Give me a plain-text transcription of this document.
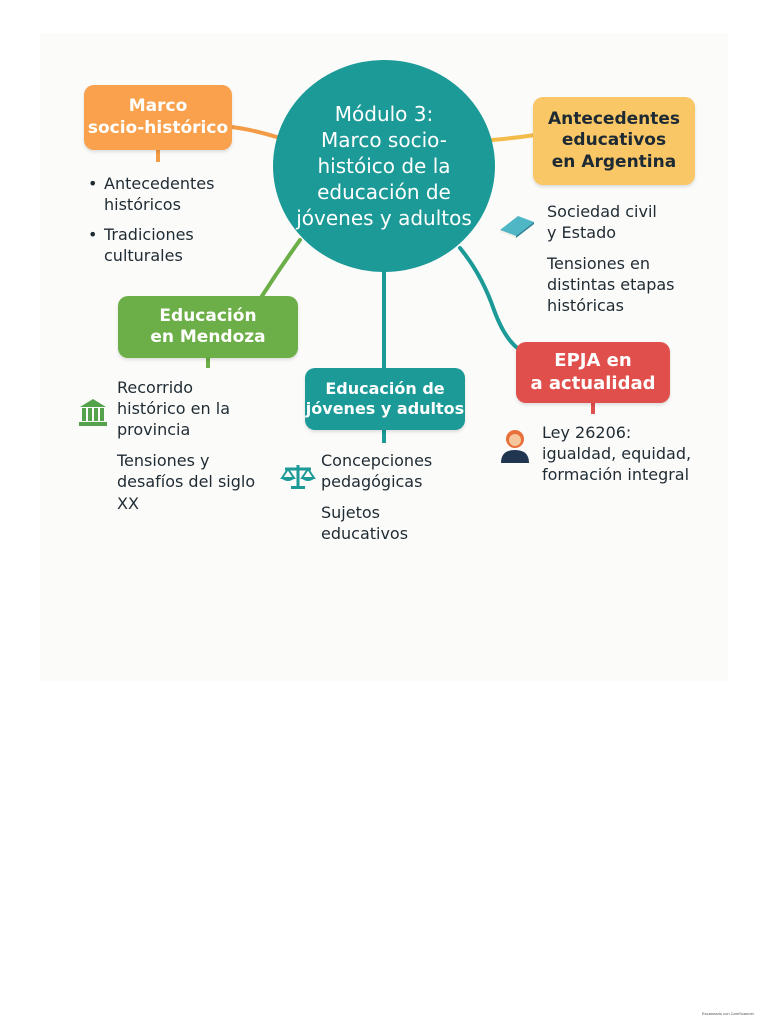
Módulo 3:
Marco socio-
históico de la
educación de
jóvenes y adultos
Marco
socio-histórico
• Antecedentes
históricos
• Tradiciones
culturales
Antecedentes
educativos
en Argentina

Sociedad civil
y Estado

Tensiones en
distintas etapas
históricas

Educación
en Mendoza

Recorrido
histórico en la
provincia

Tensiones y
desafíos del siglo
XX

Educación de
jóvenes y adultos

Concepciones
pedagógicas

Sujetos
educativos

EPJA en
a actualidad

Ley 26206:
igualdad, equidad,
formación integral

Escaneado con CamScanner
